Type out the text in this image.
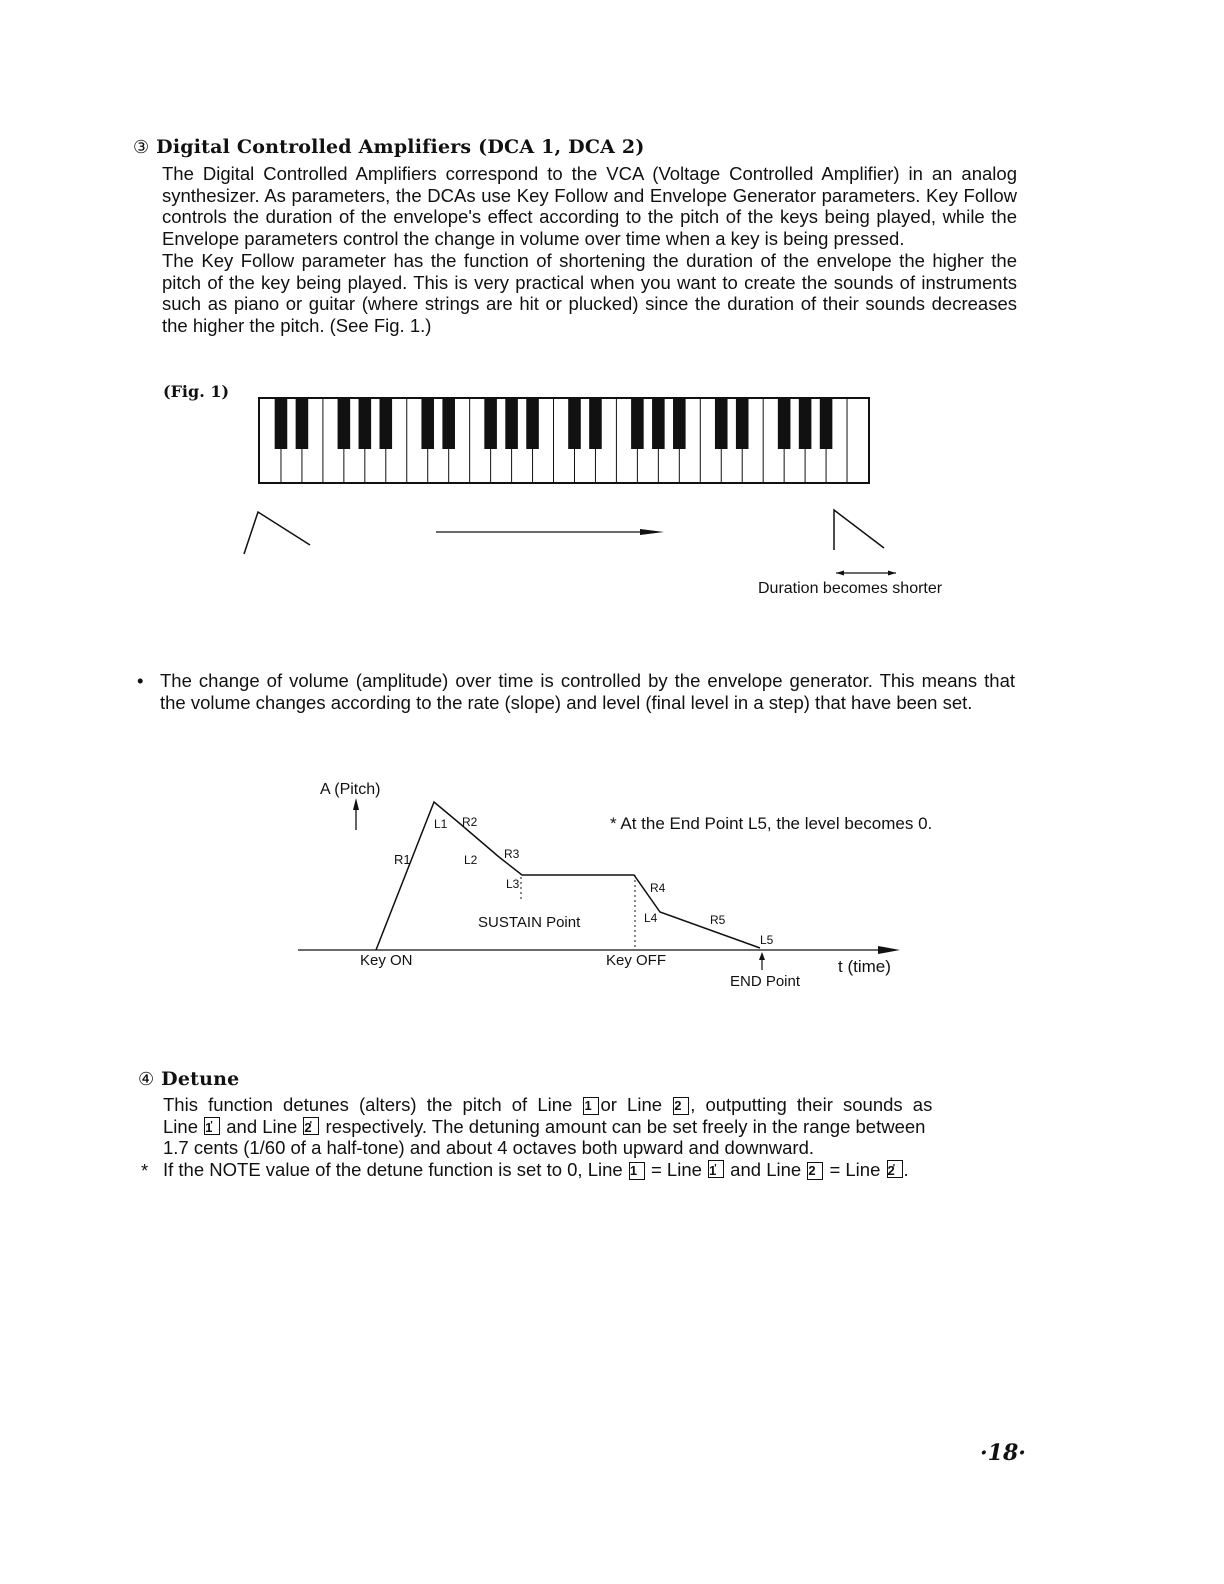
③ Digital Controlled Amplifiers (DCA 1, DCA 2)

The Digital Controlled Amplifiers correspond to the VCA (Voltage Controlled Amplifier) in an analog synthesizer. As parameters, the DCAs use Key Follow and Envelope Generator parameters. Key Follow controls the duration of the envelope's effect according to the pitch of the keys being played, while the Envelope parameters control the change in volume over time when a key is being pressed.

The Key Follow parameter has the function of shortening the duration of the envelope the higher the pitch of the key being played. This is very practical when you want to create the sounds of instruments such as piano or guitar (where strings are hit or plucked) since the duration of their sounds decreases the higher the pitch. (See Fig. 1.)

(Fig. 1)
Duration becomes shorter
• The change of volume (amplitude) over time is controlled by the envelope generator. This means that the volume changes according to the rate (slope) and level (final level in a step) that have been set.
A (Pitch)
R1
L1 R2
L2 R3
L3
SUSTAIN Point
R4
L4	R5
L5
Key ON	Key OFF
END Point
t (time)
* At the End Point L5, the level becomes 0.
④ Detune

This function detunes (alters) the pitch of Line 1 or Line 2 , outputting their sounds as

Line 1 ' and Line 2 ' respectively. The detuning amount can be set freely in the range between

1.7 cents (1/60 of a half-tone) and about 4 octaves both upward and downward.

* If the NOTE value of the detune function is set to 0, Line 1 = Line 1 ' and Line 2 = Line 2 ' .
·18·
